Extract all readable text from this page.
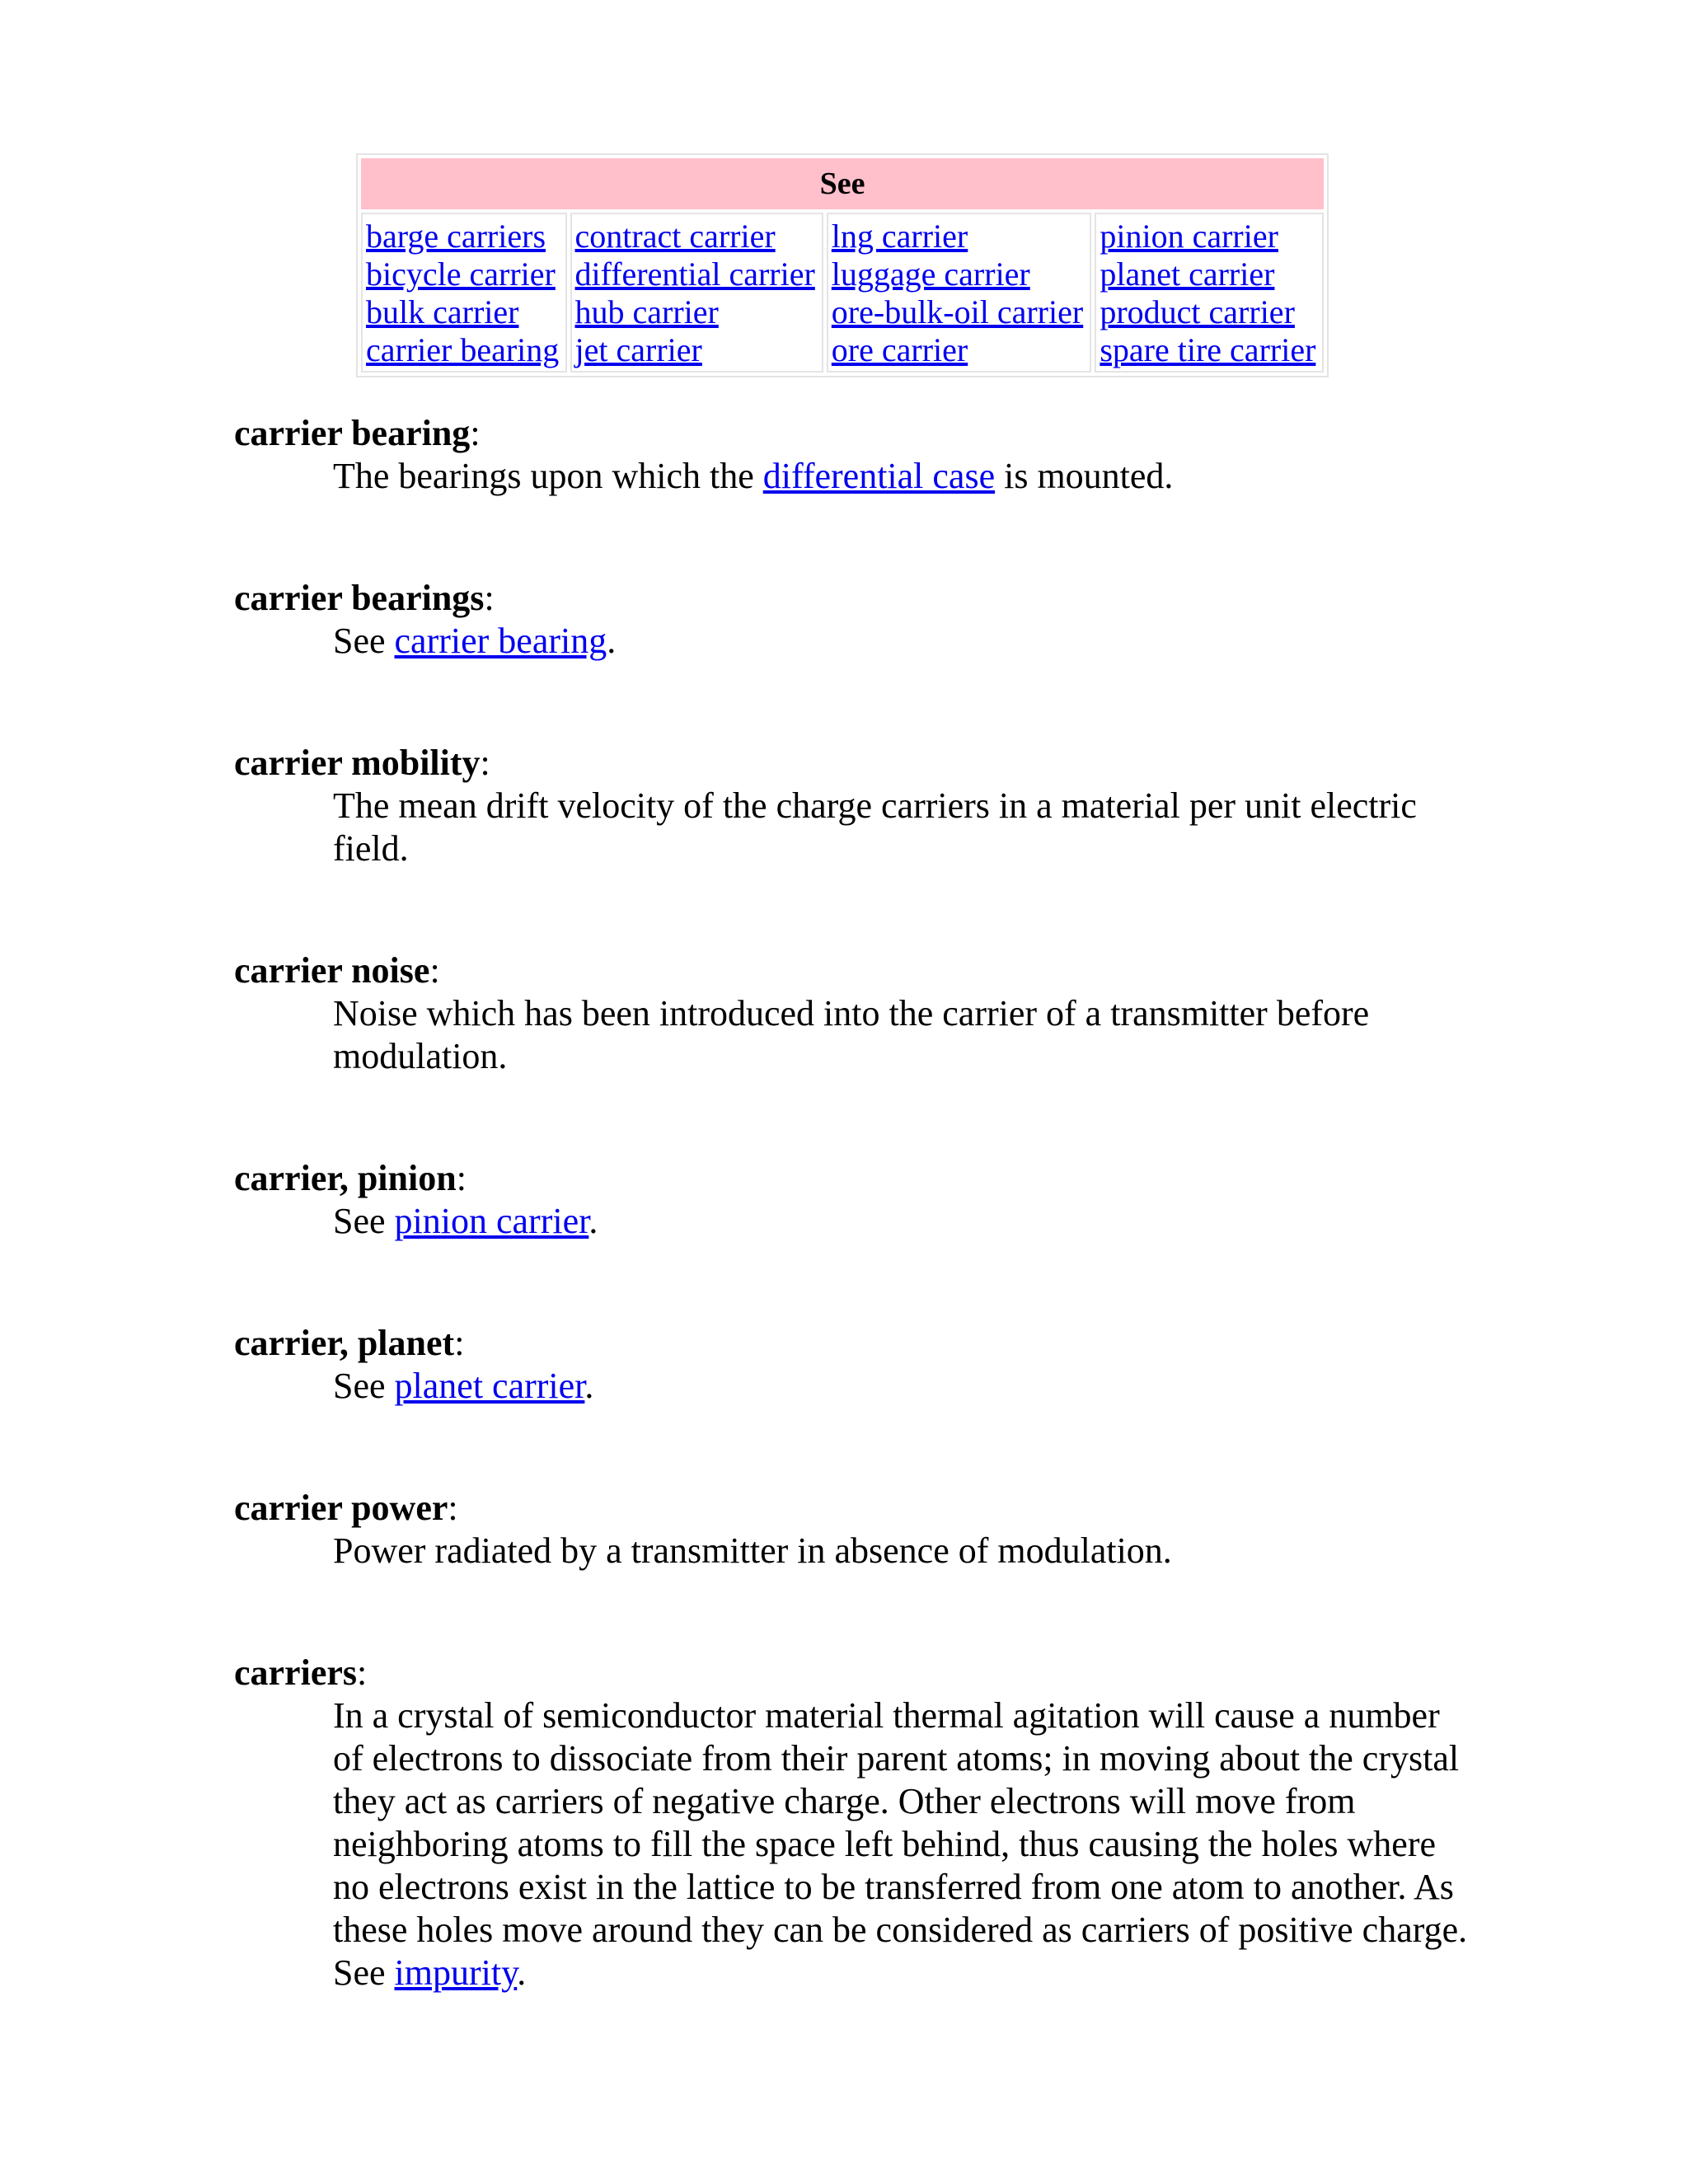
See

barge carriers
bicycle carrier
bulk carrier
carrier bearing

contract carrier
differential carrier
hub carrier
jet carrier

lng carrier
luggage carrier
ore-bulk-oil carrier
ore carrier

pinion carrier
planet carrier
product carrier
spare tire carrier

carrier bearing:

The bearings upon which the differential case is mounted.

carrier bearings:

See carrier bearing.

carrier mobility:

The mean drift velocity of the charge carriers in a material per unit electric field.

carrier noise:

Noise which has been introduced into the carrier of a transmitter before modulation.

carrier, pinion:

See pinion carrier.

carrier, planet:

See planet carrier.

carrier power:

Power radiated by a transmitter in absence of modulation.

carriers:

In a crystal of semiconductor material thermal agitation will cause a number of electrons to dissociate from their parent atoms; in moving about the crystal they act as carriers of negative charge. Other electrons will move from neighboring atoms to fill the space left behind, thus causing the holes where no electrons exist in the lattice to be transferred from one atom to another. As these holes move around they can be considered as carriers of positive charge. See impurity.
